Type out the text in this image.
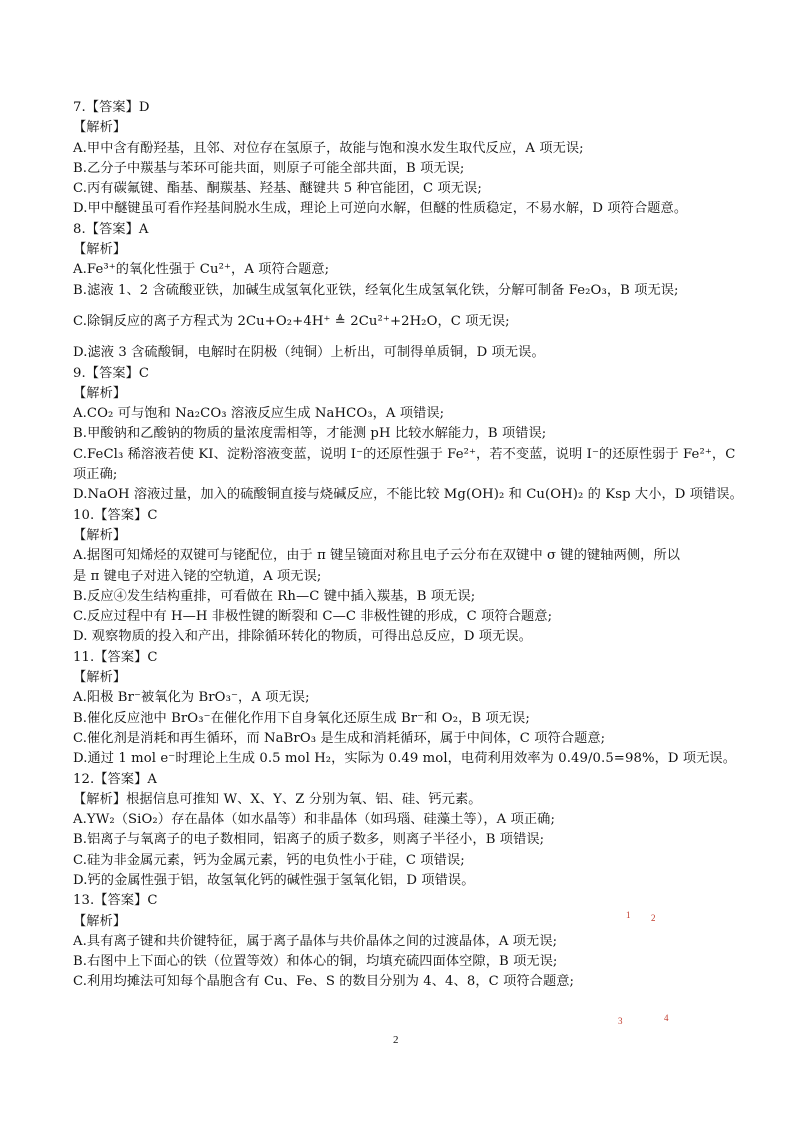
7.【答案】D
【解析】
A.甲中含有酚羟基，且邻、对位存在氢原子，故能与饱和溴水发生取代反应，A 项无误;
B.乙分子中羰基与苯环可能共面，则原子可能全部共面，B 项无误;
C.丙有碳氟键、酯基、酮羰基、羟基、醚键共 5 种官能团，C 项无误;
D.甲中醚键虽可看作羟基间脱水生成，理论上可逆向水解，但醚的性质稳定，不易水解，D 项符合题意。
8.【答案】A
【解析】
A.Fe³⁺的氧化性强于 Cu²⁺，A 项符合题意;
B.滤液 1、2 含硫酸亚铁，加碱生成氢氧化亚铁，经氧化生成氢氧化铁，分解可制备 Fe₂O₃，B 项无误;
C.除铜反应的离子方程式为 2Cu+O₂+4H⁺ ≜ 2Cu²⁺+2H₂O，C 项无误;
D.滤液 3 含硫酸铜，电解时在阴极（纯铜）上析出，可制得单质铜，D 项无误。
9.【答案】C
【解析】
A.CO₂ 可与饱和 Na₂CO₃ 溶液反应生成 NaHCO₃，A 项错误;
B.甲酸钠和乙酸钠的物质的量浓度需相等，才能测 pH 比较水解能力，B 项错误;
C.FeCl₃ 稀溶液若使 KI、淀粉溶液变蓝，说明 I⁻的还原性强于 Fe²⁺，若不变蓝，说明 I⁻的还原性弱于 Fe²⁺，C
项正确;
D.NaOH 溶液过量，加入的硫酸铜直接与烧碱反应，不能比较 Mg(OH)₂ 和 Cu(OH)₂ 的 Ksp 大小，D 项错误。
10.【答案】C
【解析】
A.据图可知烯烃的双键可与铑配位，由于 π 键呈镜面对称且电子云分布在双键中 σ 键的键轴两侧，所以
是 π 键电子对进入铑的空轨道，A 项无误;
B.反应④发生结构重排，可看做在 Rh—C 键中插入羰基，B 项无误;
C.反应过程中有 H—H 非极性键的断裂和 C—C 非极性键的形成，C 项符合题意;
D. 观察物质的投入和产出，排除循环转化的物质，可得出总反应，D 项无误。
11.【答案】C
【解析】
A.阳极 Br⁻被氧化为 BrO₃⁻，A 项无误;
B.催化反应池中 BrO₃⁻在催化作用下自身氧化还原生成 Br⁻和 O₂，B 项无误;
C.催化剂是消耗和再生循环，而 NaBrO₃ 是生成和消耗循环，属于中间体，C 项符合题意;
D.通过 1 mol e⁻时理论上生成 0.5 mol H₂，实际为 0.49 mol，电荷利用效率为 0.49/0.5=98%，D 项无误。
12.【答案】A
【解析】根据信息可推知 W、X、Y、Z 分别为氧、铝、硅、钙元素。
A.YW₂（SiO₂）存在晶体（如水晶等）和非晶体（如玛瑙、硅藻土等），A 项正确;
B.铝离子与氧离子的电子数相同，铝离子的质子数多，则离子半径小，B 项错误;
C.硅为非金属元素，钙为金属元素，钙的电负性小于硅，C 项错误;
D.钙的金属性强于铝，故氢氧化钙的碱性强于氢氧化铝，D 项错误。
13.【答案】C
【解析】
A.具有离子键和共价键特征，属于离子晶体与共价晶体之间的过渡晶体，A 项无误;
B.右图中上下面心的铁（位置等效）和体心的铜，均填充硫四面体空隙，B 项无误;
C.利用均摊法可知每个晶胞含有 Cu、Fe、S 的数目分别为 4、4、8，C 项符合题意;
1 2
3	4
2
